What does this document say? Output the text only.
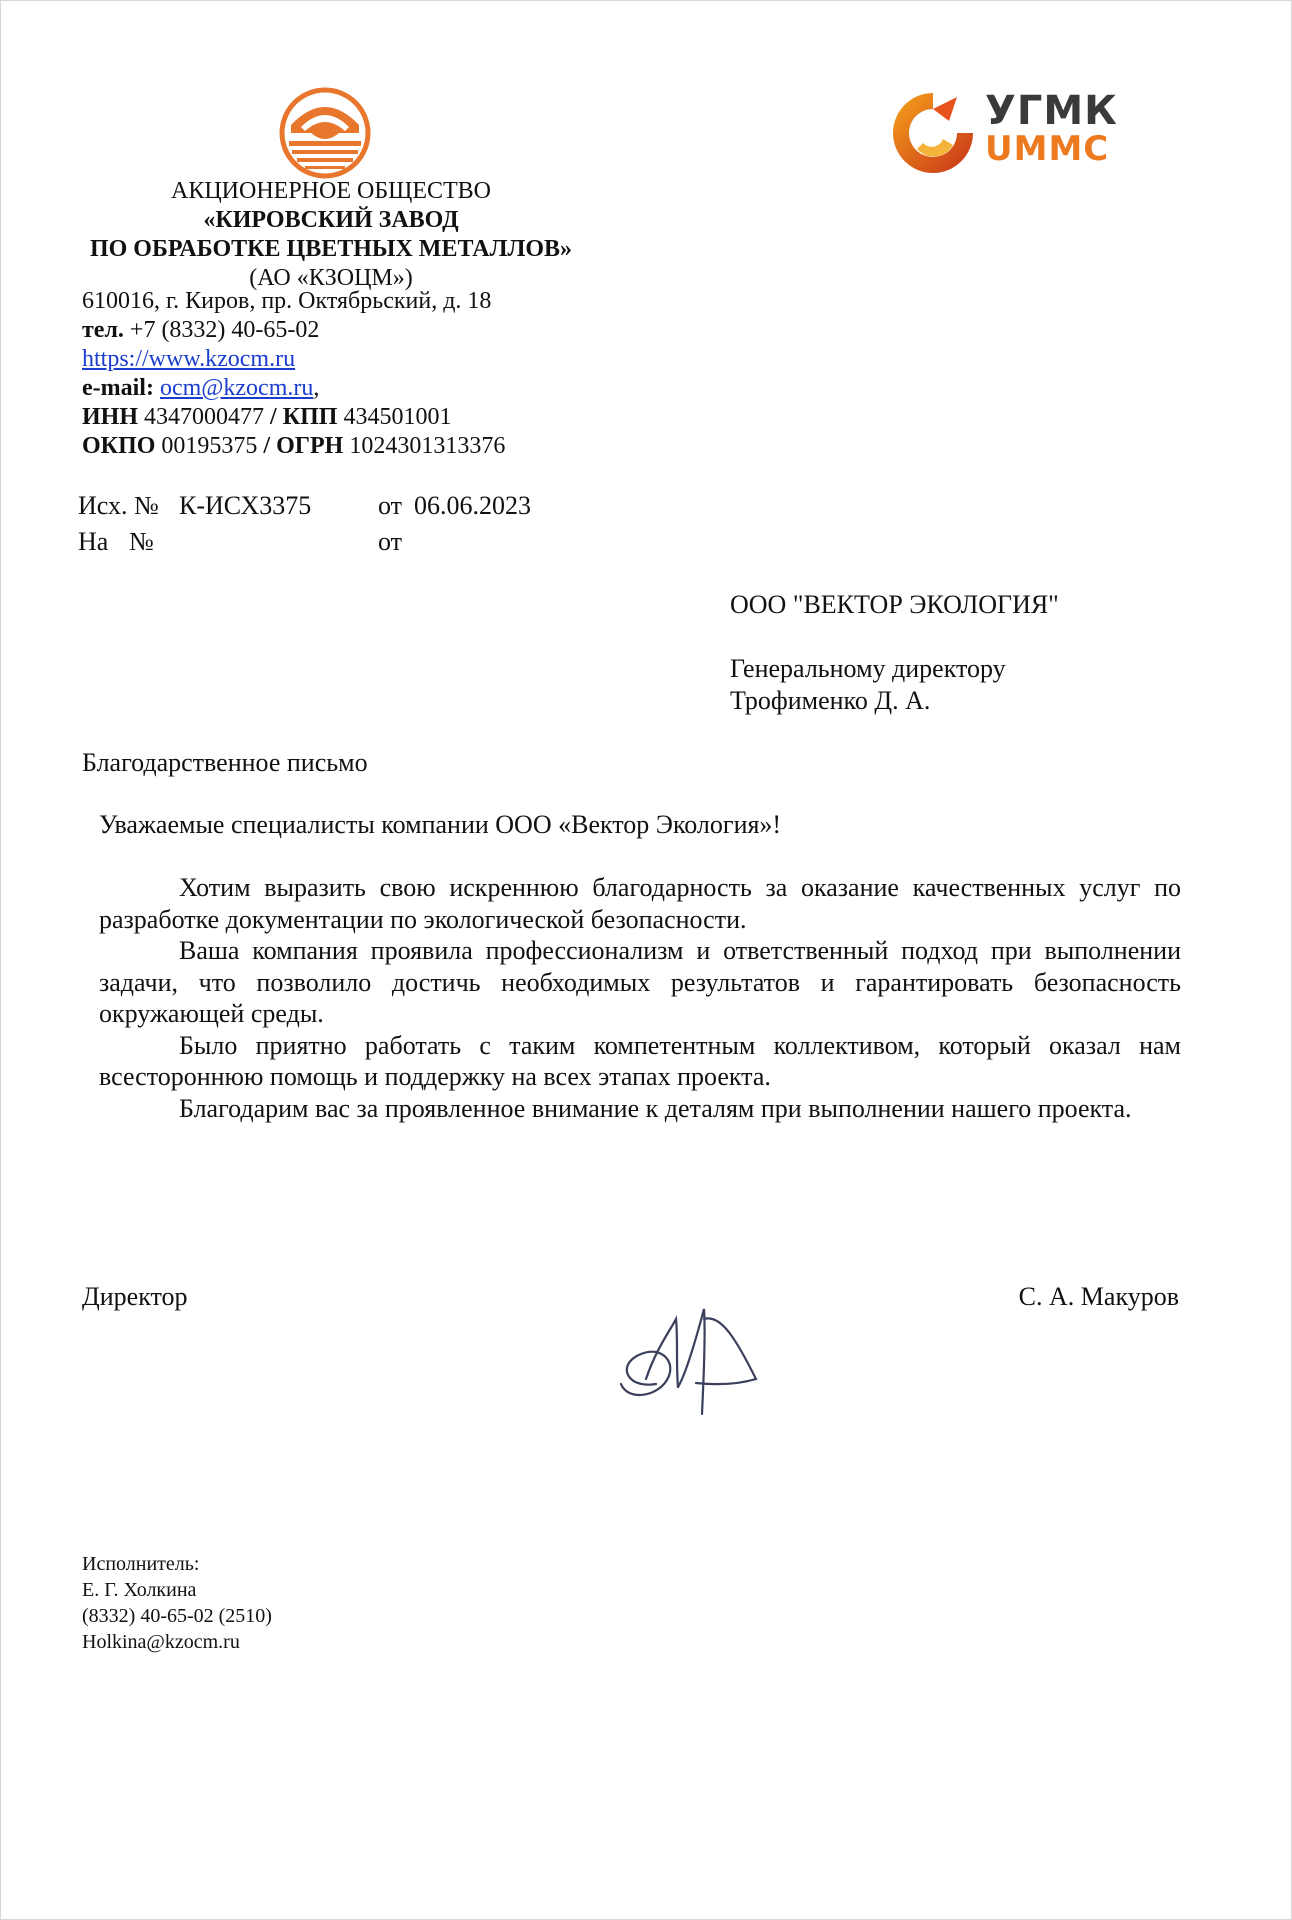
УГМК
UMMC
АКЦИОНЕРНОЕ ОБЩЕСТВО
«КИРОВСКИЙ ЗАВОД
ПО ОБРАБОТКЕ ЦВЕТНЫХ МЕТАЛЛОВ»
(АО «КЗОЦМ»)
610016, г. Киров, пр. Октябрьский, д. 18
тел. +7 (8332) 40-65-02
https://www.kzocm.ru
e-mail: ocm@kzocm.ru,
ИНН 4347000477 / КПП 434501001
ОКПО 00195375 / ОГРН 1024301313376
Исх. № К-ИСХ3375	от 06.06.2023
На №	от
ООО "ВЕКТОР ЭКОЛОГИЯ"
Генеральному директору
Трофименко Д. А.
Благодарственное письмо
Уважаемые специалисты компании ООО «Вектор Экология»!

Хотим выразить свою искреннюю благодарность за оказание качественных услуг по разработке документации по экологической безопасности.

Ваша компания проявила профессионализм и ответственный подход при выполнении задачи, что позволило достичь необходимых результатов и гарантировать безопасность окружающей среды.

Было приятно работать с таким компетентным коллективом, который оказал нам всестороннюю помощь и поддержку на всех этапах проекта.

Благодарим вас за проявленное внимание к деталям при выполнении нашего проекта.

Директор	С. А. Макуров
Исполнитель:
Е. Г. Холкина
(8332) 40-65-02 (2510)
Holkina@kzocm.ru
